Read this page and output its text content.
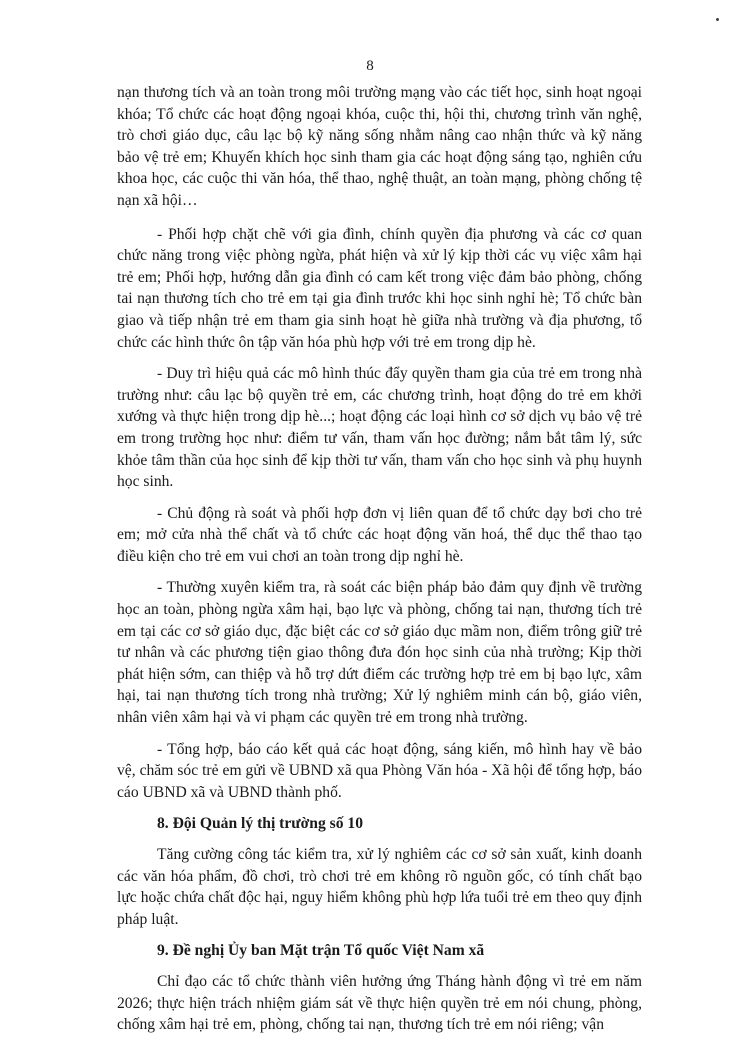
8

nạn thương tích và an toàn trong môi trường mạng vào các tiết học, sinh hoạt ngoại khóa; Tổ chức các hoạt động ngoại khóa, cuộc thi, hội thi, chương trình văn nghệ, trò chơi giáo dục, câu lạc bộ kỹ năng sống nhằm nâng cao nhận thức và kỹ năng bảo vệ trẻ em; Khuyến khích học sinh tham gia các hoạt động sáng tạo, nghiên cứu khoa học, các cuộc thi văn hóa, thể thao, nghệ thuật, an toàn mạng, phòng chống tệ nạn xã hội…

- Phối hợp chặt chẽ với gia đình, chính quyền địa phương và các cơ quan chức năng trong việc phòng ngừa, phát hiện và xử lý kịp thời các vụ việc xâm hại trẻ em; Phối hợp, hướng dẫn gia đình có cam kết trong việc đảm bảo phòng, chống tai nạn thương tích cho trẻ em tại gia đình trước khi học sinh nghỉ hè; Tổ chức bàn giao và tiếp nhận trẻ em tham gia sinh hoạt hè giữa nhà trường và địa phương, tổ chức các hình thức ôn tập văn hóa phù hợp với trẻ em trong dịp hè.

- Duy trì hiệu quả các mô hình thúc đẩy quyền tham gia của trẻ em trong nhà trường như: câu lạc bộ quyền trẻ em, các chương trình, hoạt động do trẻ em khởi xướng và thực hiện trong dịp hè...; hoạt động các loại hình cơ sở dịch vụ bảo vệ trẻ em trong trường học như: điểm tư vấn, tham vấn học đường; nắm bắt tâm lý, sức khỏe tâm thần của học sinh để kịp thời tư vấn, tham vấn cho học sinh và phụ huynh học sinh.

- Chủ động rà soát và phối hợp đơn vị liên quan để tổ chức dạy bơi cho trẻ em; mở cửa nhà thể chất và tổ chức các hoạt động văn hoá, thể dục thể thao tạo điều kiện cho trẻ em vui chơi an toàn trong dịp nghỉ hè.

- Thường xuyên kiểm tra, rà soát các biện pháp bảo đảm quy định về trường học an toàn, phòng ngừa xâm hại, bạo lực và phòng, chống tai nạn, thương tích trẻ em tại các cơ sở giáo dục, đặc biệt các cơ sở giáo dục mầm non, điểm trông giữ trẻ tư nhân và các phương tiện giao thông đưa đón học sinh của nhà trường; Kịp thời phát hiện sớm, can thiệp và hỗ trợ dứt điểm các trường hợp trẻ em bị bạo lực, xâm hại, tai nạn thương tích trong nhà trường; Xử lý nghiêm minh cán bộ, giáo viên, nhân viên xâm hại và vi phạm các quyền trẻ em trong nhà trường.

- Tổng hợp, báo cáo kết quả các hoạt động, sáng kiến, mô hình hay về bảo vệ, chăm sóc trẻ em gửi về UBND xã qua Phòng Văn hóa - Xã hội để tổng hợp, báo cáo UBND xã và UBND thành phố.

8. Đội Quản lý thị trường số 10

Tăng cường công tác kiểm tra, xử lý nghiêm các cơ sở sản xuất, kinh doanh các văn hóa phẩm, đồ chơi, trò chơi trẻ em không rõ nguồn gốc, có tính chất bạo lực hoặc chứa chất độc hại, nguy hiểm không phù hợp lứa tuổi trẻ em theo quy định pháp luật.

9. Đề nghị Ủy ban Mặt trận Tổ quốc Việt Nam xã

Chỉ đạo các tổ chức thành viên hưởng ứng Tháng hành động vì trẻ em năm 2026; thực hiện trách nhiệm giám sát về thực hiện quyền trẻ em nói chung, phòng, chống xâm hại trẻ em, phòng, chống tai nạn, thương tích trẻ em nói riêng; vận
